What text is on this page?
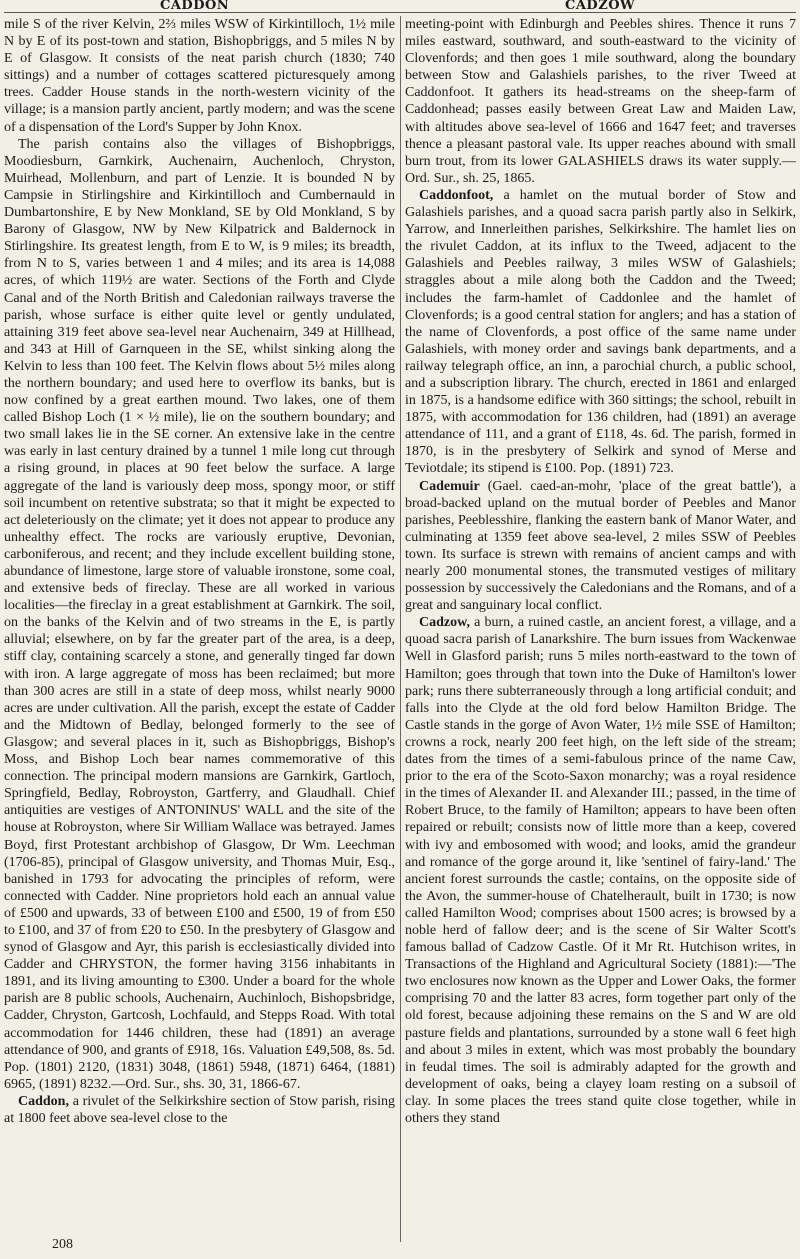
CADDON	CADZOW

mile S of the river Kelvin, 2⅔ miles WSW of Kirkintilloch, 1½ mile N by E of its post-town and station, Bishopbriggs, and 5 miles N by E of Glasgow. It consists of the neat parish church (1830; 740 sittings) and a number of cottages scattered picturesquely among trees. Cadder House stands in the north-western vicinity of the village; is a mansion partly ancient, partly modern; and was the scene of a dispensation of the Lord's Supper by John Knox.

The parish contains also the villages of Bishopbriggs, Moodiesburn, Garnkirk, Auchenairn, Auchenloch, Chryston, Muirhead, Mollenburn, and part of Lenzie. It is bounded N by Campsie in Stirlingshire and Kirkintilloch and Cumbernauld in Dumbartonshire, E by New Monkland, SE by Old Monkland, S by Barony of Glasgow, NW by New Kilpatrick and Baldernock in Stirlingshire. Its greatest length, from E to W, is 9 miles; its breadth, from N to S, varies between 1 and 4 miles; and its area is 14,088 acres, of which 119½ are water. Sections of the Forth and Clyde Canal and of the North British and Caledonian railways traverse the parish, whose surface is either quite level or gently undulated, attaining 319 feet above sea-level near Auchenairn, 349 at Hillhead, and 343 at Hill of Garnqueen in the SE, whilst sinking along the Kelvin to less than 100 feet. The Kelvin flows about 5½ miles along the northern boundary; and used here to overflow its banks, but is now confined by a great earthen mound. Two lakes, one of them called Bishop Loch (1 × ½ mile), lie on the southern boundary; and two small lakes lie in the SE corner. An extensive lake in the centre was early in last century drained by a tunnel 1 mile long cut through a rising ground, in places at 90 feet below the surface. A large aggregate of the land is variously deep moss, spongy moor, or stiff soil incumbent on retentive substrata; so that it might be expected to act deleteriously on the climate; yet it does not appear to produce any unhealthy effect. The rocks are variously eruptive, Devonian, carboniferous, and recent; and they include excellent building stone, abundance of limestone, large store of valuable ironstone, some coal, and extensive beds of fireclay. These are all worked in various localities—the fireclay in a great establishment at Garnkirk. The soil, on the banks of the Kelvin and of two streams in the E, is partly alluvial; elsewhere, on by far the greater part of the area, is a deep, stiff clay, containing scarcely a stone, and generally tinged far down with iron. A large aggregate of moss has been reclaimed; but more than 300 acres are still in a state of deep moss, whilst nearly 9000 acres are under cultivation. All the parish, except the estate of Cadder and the Midtown of Bedlay, belonged formerly to the see of Glasgow; and several places in it, such as Bishopbriggs, Bishop's Moss, and Bishop Loch bear names commemorative of this connection. The principal modern mansions are Garnkirk, Gartloch, Springfield, Bedlay, Robroyston, Gartferry, and Glaudhall. Chief antiquities are vestiges of ANTONINUS' WALL and the site of the house at Robroyston, where Sir William Wallace was betrayed. James Boyd, first Protestant archbishop of Glasgow, Dr Wm. Leechman (1706-85), principal of Glasgow university, and Thomas Muir, Esq., banished in 1793 for advocating the principles of reform, were connected with Cadder. Nine proprietors hold each an annual value of £500 and upwards, 33 of between £100 and £500, 19 of from £50 to £100, and 37 of from £20 to £50. In the presbytery of Glasgow and synod of Glasgow and Ayr, this parish is ecclesiastically divided into Cadder and CHRYSTON, the former having 3156 inhabitants in 1891, and its living amounting to £300. Under a board for the whole parish are 8 public schools, Auchenairn, Auchinloch, Bishopsbridge, Cadder, Chryston, Gartcosh, Lochfauld, and Stepps Road. With total accommodation for 1446 children, these had (1891) an average attendance of 900, and grants of £918, 16s. Valuation £49,508, 8s. 5d. Pop. (1801) 2120, (1831) 3048, (1861) 5948, (1871) 6464, (1881) 6965, (1891) 8232.—Ord. Sur., shs. 30, 31, 1866-67.

Caddon, a rivulet of the Selkirkshire section of Stow parish, rising at 1800 feet above sea-level close to the

meeting-point with Edinburgh and Peebles shires. Thence it runs 7 miles eastward, southward, and south-eastward to the vicinity of Clovenfords; and then goes 1 mile southward, along the boundary between Stow and Galashiels parishes, to the river Tweed at Caddonfoot. It gathers its head-streams on the sheep-farm of Caddonhead; passes easily between Great Law and Maiden Law, with altitudes above sea-level of 1666 and 1647 feet; and traverses thence a pleasant pastoral vale. Its upper reaches abound with small burn trout, from its lower GALASHIELS draws its water supply.—Ord. Sur., sh. 25, 1865.

Caddonfoot, a hamlet on the mutual border of Stow and Galashiels parishes, and a quoad sacra parish partly also in Selkirk, Yarrow, and Innerleithen parishes, Selkirkshire. The hamlet lies on the rivulet Caddon, at its influx to the Tweed, adjacent to the Galashiels and Peebles railway, 3 miles WSW of Galashiels; straggles about a mile along both the Caddon and the Tweed; includes the farm-hamlet of Caddonlee and the hamlet of Clovenfords; is a good central station for anglers; and has a station of the name of Clovenfords, a post office of the same name under Galashiels, with money order and savings bank departments, and a railway telegraph office, an inn, a parochial church, a public school, and a subscription library. The church, erected in 1861 and enlarged in 1875, is a handsome edifice with 360 sittings; the school, rebuilt in 1875, with accommodation for 136 children, had (1891) an average attendance of 111, and a grant of £118, 4s. 6d. The parish, formed in 1870, is in the presbytery of Selkirk and synod of Merse and Teviotdale; its stipend is £100. Pop. (1891) 723.

Cademuir (Gael. caed-an-mohr, 'place of the great battle'), a broad-backed upland on the mutual border of Peebles and Manor parishes, Peeblesshire, flanking the eastern bank of Manor Water, and culminating at 1359 feet above sea-level, 2 miles SSW of Peebles town. Its surface is strewn with remains of ancient camps and with nearly 200 monumental stones, the transmuted vestiges of military possession by successively the Caledonians and the Romans, and of a great and sanguinary local conflict.

Cadzow, a burn, a ruined castle, an ancient forest, a village, and a quoad sacra parish of Lanarkshire. The burn issues from Wackenwae Well in Glasford parish; runs 5 miles north-eastward to the town of Hamilton; goes through that town into the Duke of Hamilton's lower park; runs there subterraneously through a long artificial conduit; and falls into the Clyde at the old ford below Hamilton Bridge. The Castle stands in the gorge of Avon Water, 1½ mile SSE of Hamilton; crowns a rock, nearly 200 feet high, on the left side of the stream; dates from the times of a semi-fabulous prince of the name Caw, prior to the era of the Scoto-Saxon monarchy; was a royal residence in the times of Alexander II. and Alexander III.; passed, in the time of Robert Bruce, to the family of Hamilton; appears to have been often repaired or rebuilt; consists now of little more than a keep, covered with ivy and embosomed with wood; and looks, amid the grandeur and romance of the gorge around it, like 'sentinel of fairy-land.' The ancient forest surrounds the castle; contains, on the opposite side of the Avon, the summer-house of Chatelherault, built in 1730; is now called Hamilton Wood; comprises about 1500 acres; is browsed by a noble herd of fallow deer; and is the scene of Sir Walter Scott's famous ballad of Cadzow Castle. Of it Mr Rt. Hutchison writes, in Transactions of the Highland and Agricultural Society (1881):—'The two enclosures now known as the Upper and Lower Oaks, the former comprising 70 and the latter 83 acres, form together part only of the old forest, because adjoining these remains on the S and W are old pasture fields and plantations, surrounded by a stone wall 6 feet high and about 3 miles in extent, which was most probably the boundary in feudal times. The soil is admirably adapted for the growth and development of oaks, being a clayey loam resting on a subsoil of clay. In some places the trees stand quite close together, while in others they stand

208
